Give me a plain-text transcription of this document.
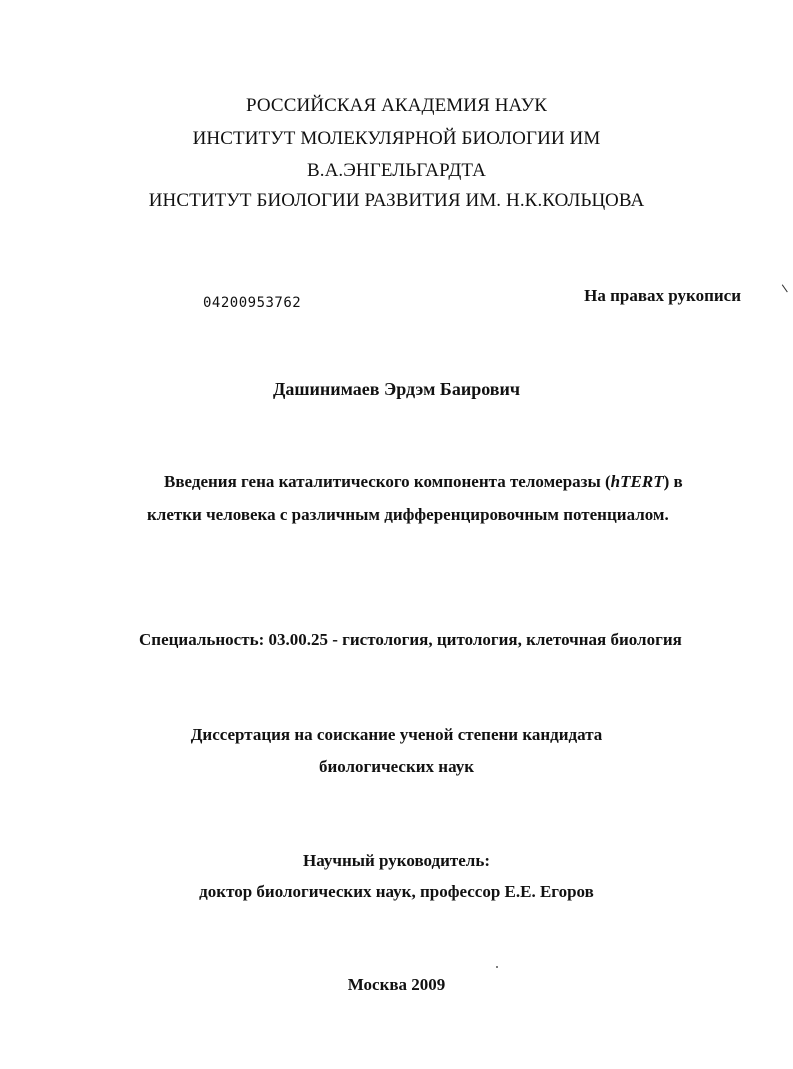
РОССИЙСКАЯ АКАДЕМИЯ НАУК
ИНСТИТУТ МОЛЕКУЛЯРНОЙ БИОЛОГИИ ИМ
В.А.ЭНГЕЛЬГАРДТА
ИНСТИТУТ БИОЛОГИИ РАЗВИТИЯ ИМ. Н.К.КОЛЬЦОВА
04200953762	На правах рукописи
Дашинимаев Эрдэм Баирович
Введения гена каталитического компонента теломеразы (hTERT) в
клетки человека с различным дифференцировочным потенциалом.
Специальность: 03.00.25 - гистология, цитология, клеточная биология
Диссертация на соискание ученой степени кандидата
биологических наук
Научный руководитель:
доктор биологических наук, профессор Е.Е. Егоров
Москва 2009
